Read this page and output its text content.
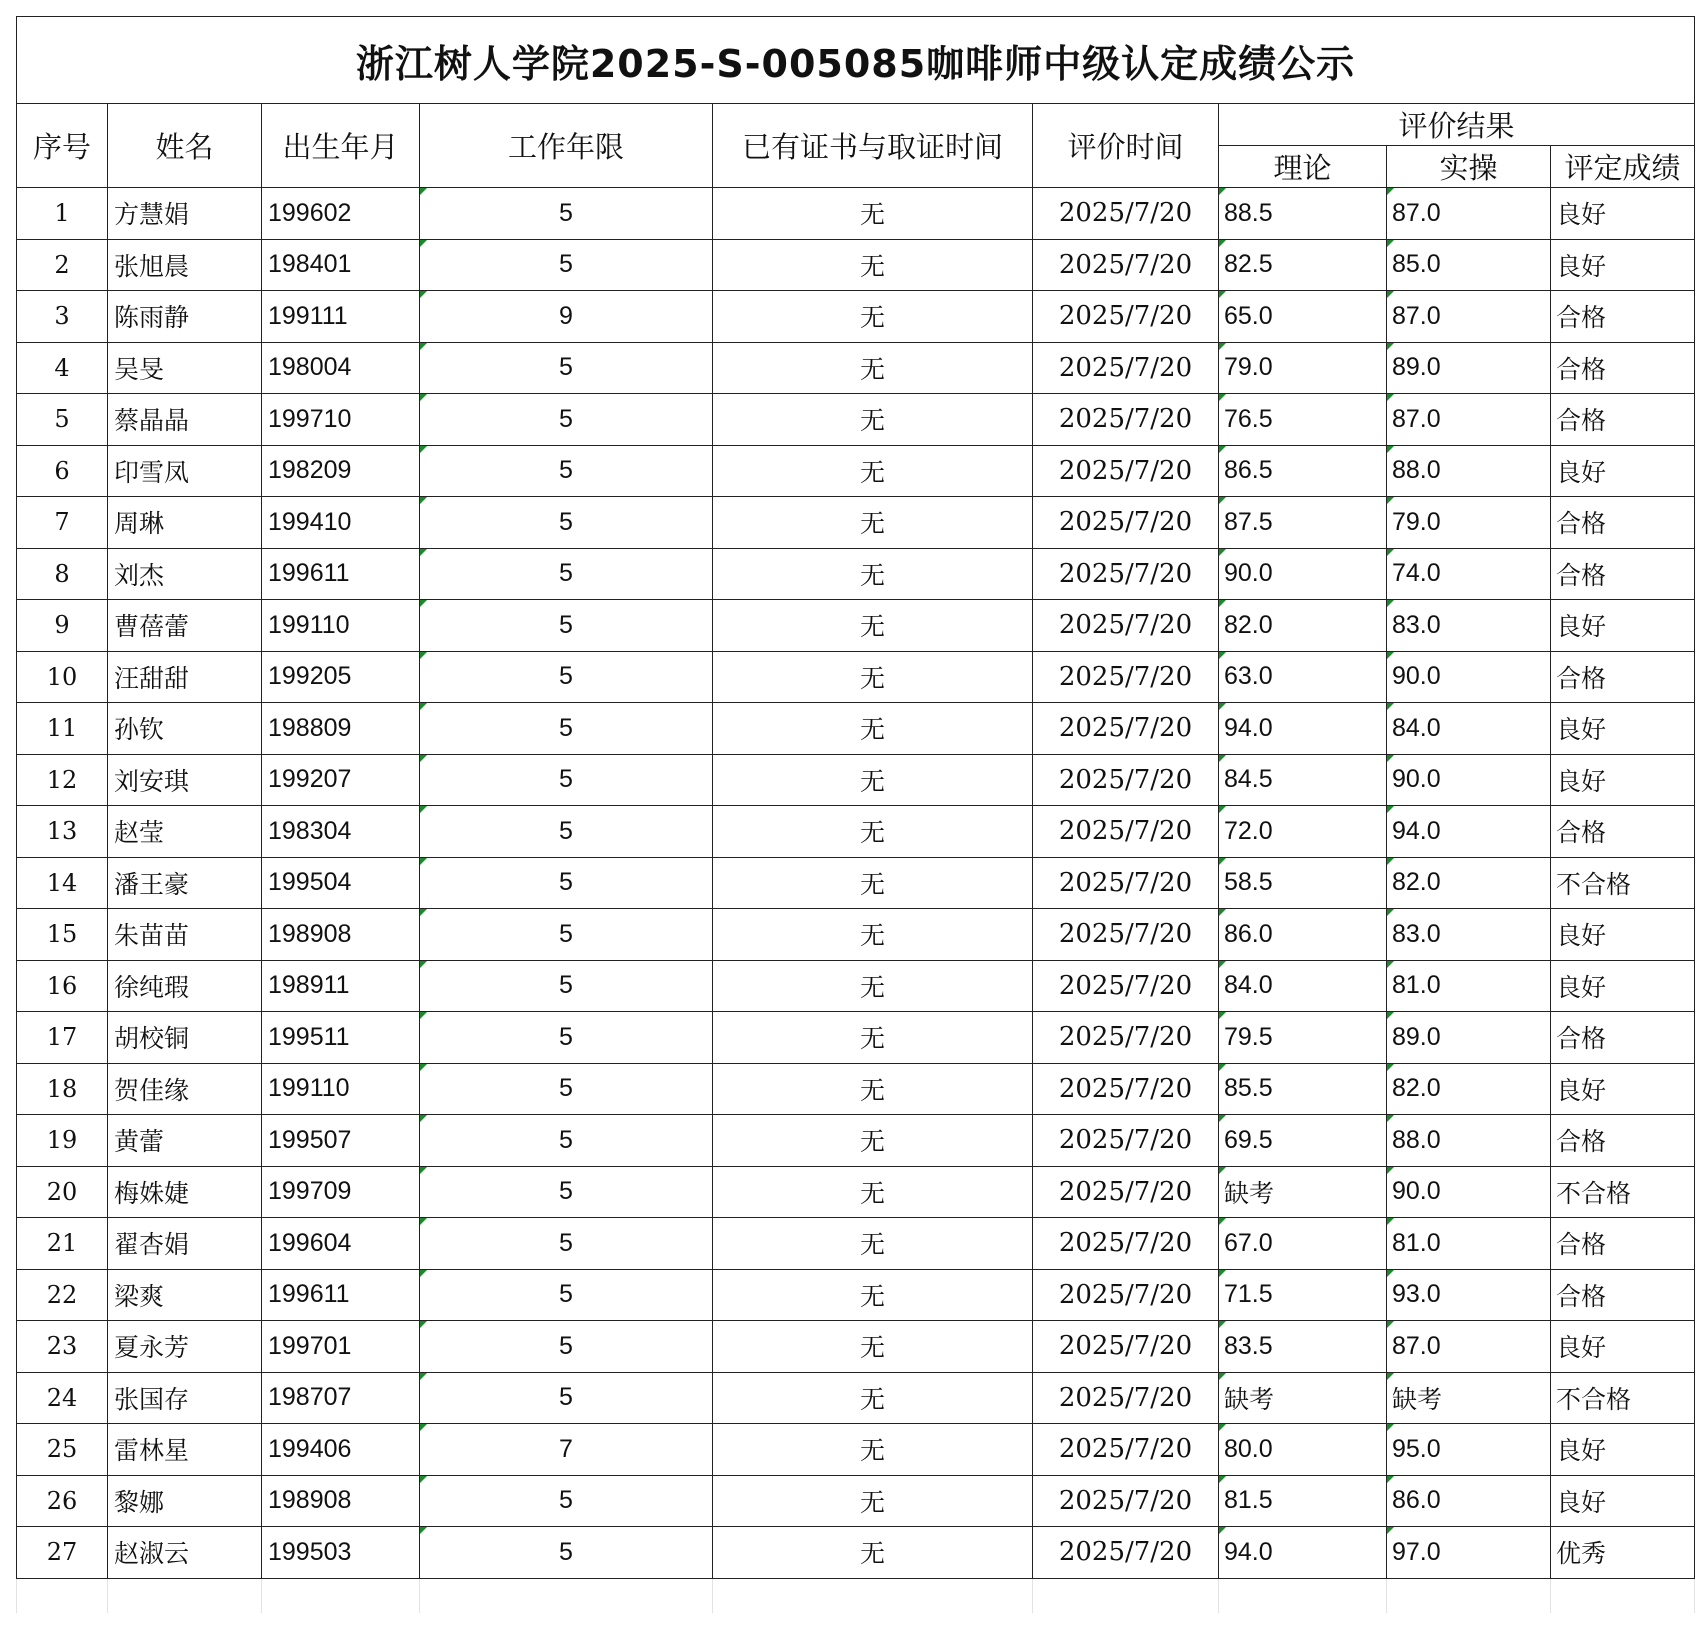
浙江树人学院2025-S-005085咖啡师中级认定成绩公示								
序号	姓名	出生年月	工作年限	已有证书与取证时间	评价时间	评价结果		
						理论	实操	评定成绩
1	方慧娟	199602	5	无	2025/7/20	88.5	87.0	良好
2	张旭晨	198401	5	无	2025/7/20	82.5	85.0	良好
3	陈雨静	199111	9	无	2025/7/20	65.0	87.0	合格
4	吴旻	198004	5	无	2025/7/20	79.0	89.0	合格
5	蔡晶晶	199710	5	无	2025/7/20	76.5	87.0	合格
6	印雪凤	198209	5	无	2025/7/20	86.5	88.0	良好
7	周琳	199410	5	无	2025/7/20	87.5	79.0	合格
8	刘杰	199611	5	无	2025/7/20	90.0	74.0	合格
9	曹蓓蕾	199110	5	无	2025/7/20	82.0	83.0	良好
10	汪甜甜	199205	5	无	2025/7/20	63.0	90.0	合格
11	孙钦	198809	5	无	2025/7/20	94.0	84.0	良好
12	刘安琪	199207	5	无	2025/7/20	84.5	90.0	良好
13	赵莹	198304	5	无	2025/7/20	72.0	94.0	合格
14	潘王豪	199504	5	无	2025/7/20	58.5	82.0	不合格
15	朱苗苗	198908	5	无	2025/7/20	86.0	83.0	良好
16	徐纯瑕	198911	5	无	2025/7/20	84.0	81.0	良好
17	胡校铜	199511	5	无	2025/7/20	79.5	89.0	合格
18	贺佳缘	199110	5	无	2025/7/20	85.5	82.0	良好
19	黄蕾	199507	5	无	2025/7/20	69.5	88.0	合格
20	梅姝婕	199709	5	无	2025/7/20	缺考	90.0	不合格
21	翟杏娟	199604	5	无	2025/7/20	67.0	81.0	合格
22	梁爽	199611	5	无	2025/7/20	71.5	93.0	合格
23	夏永芳	199701	5	无	2025/7/20	83.5	87.0	良好
24	张国存	198707	5	无	2025/7/20	缺考	缺考	不合格
25	雷林星	199406	7	无	2025/7/20	80.0	95.0	良好
26	黎娜	198908	5	无	2025/7/20	81.5	86.0	良好
27	赵淑云	199503	5	无	2025/7/20	94.0	97.0	优秀
